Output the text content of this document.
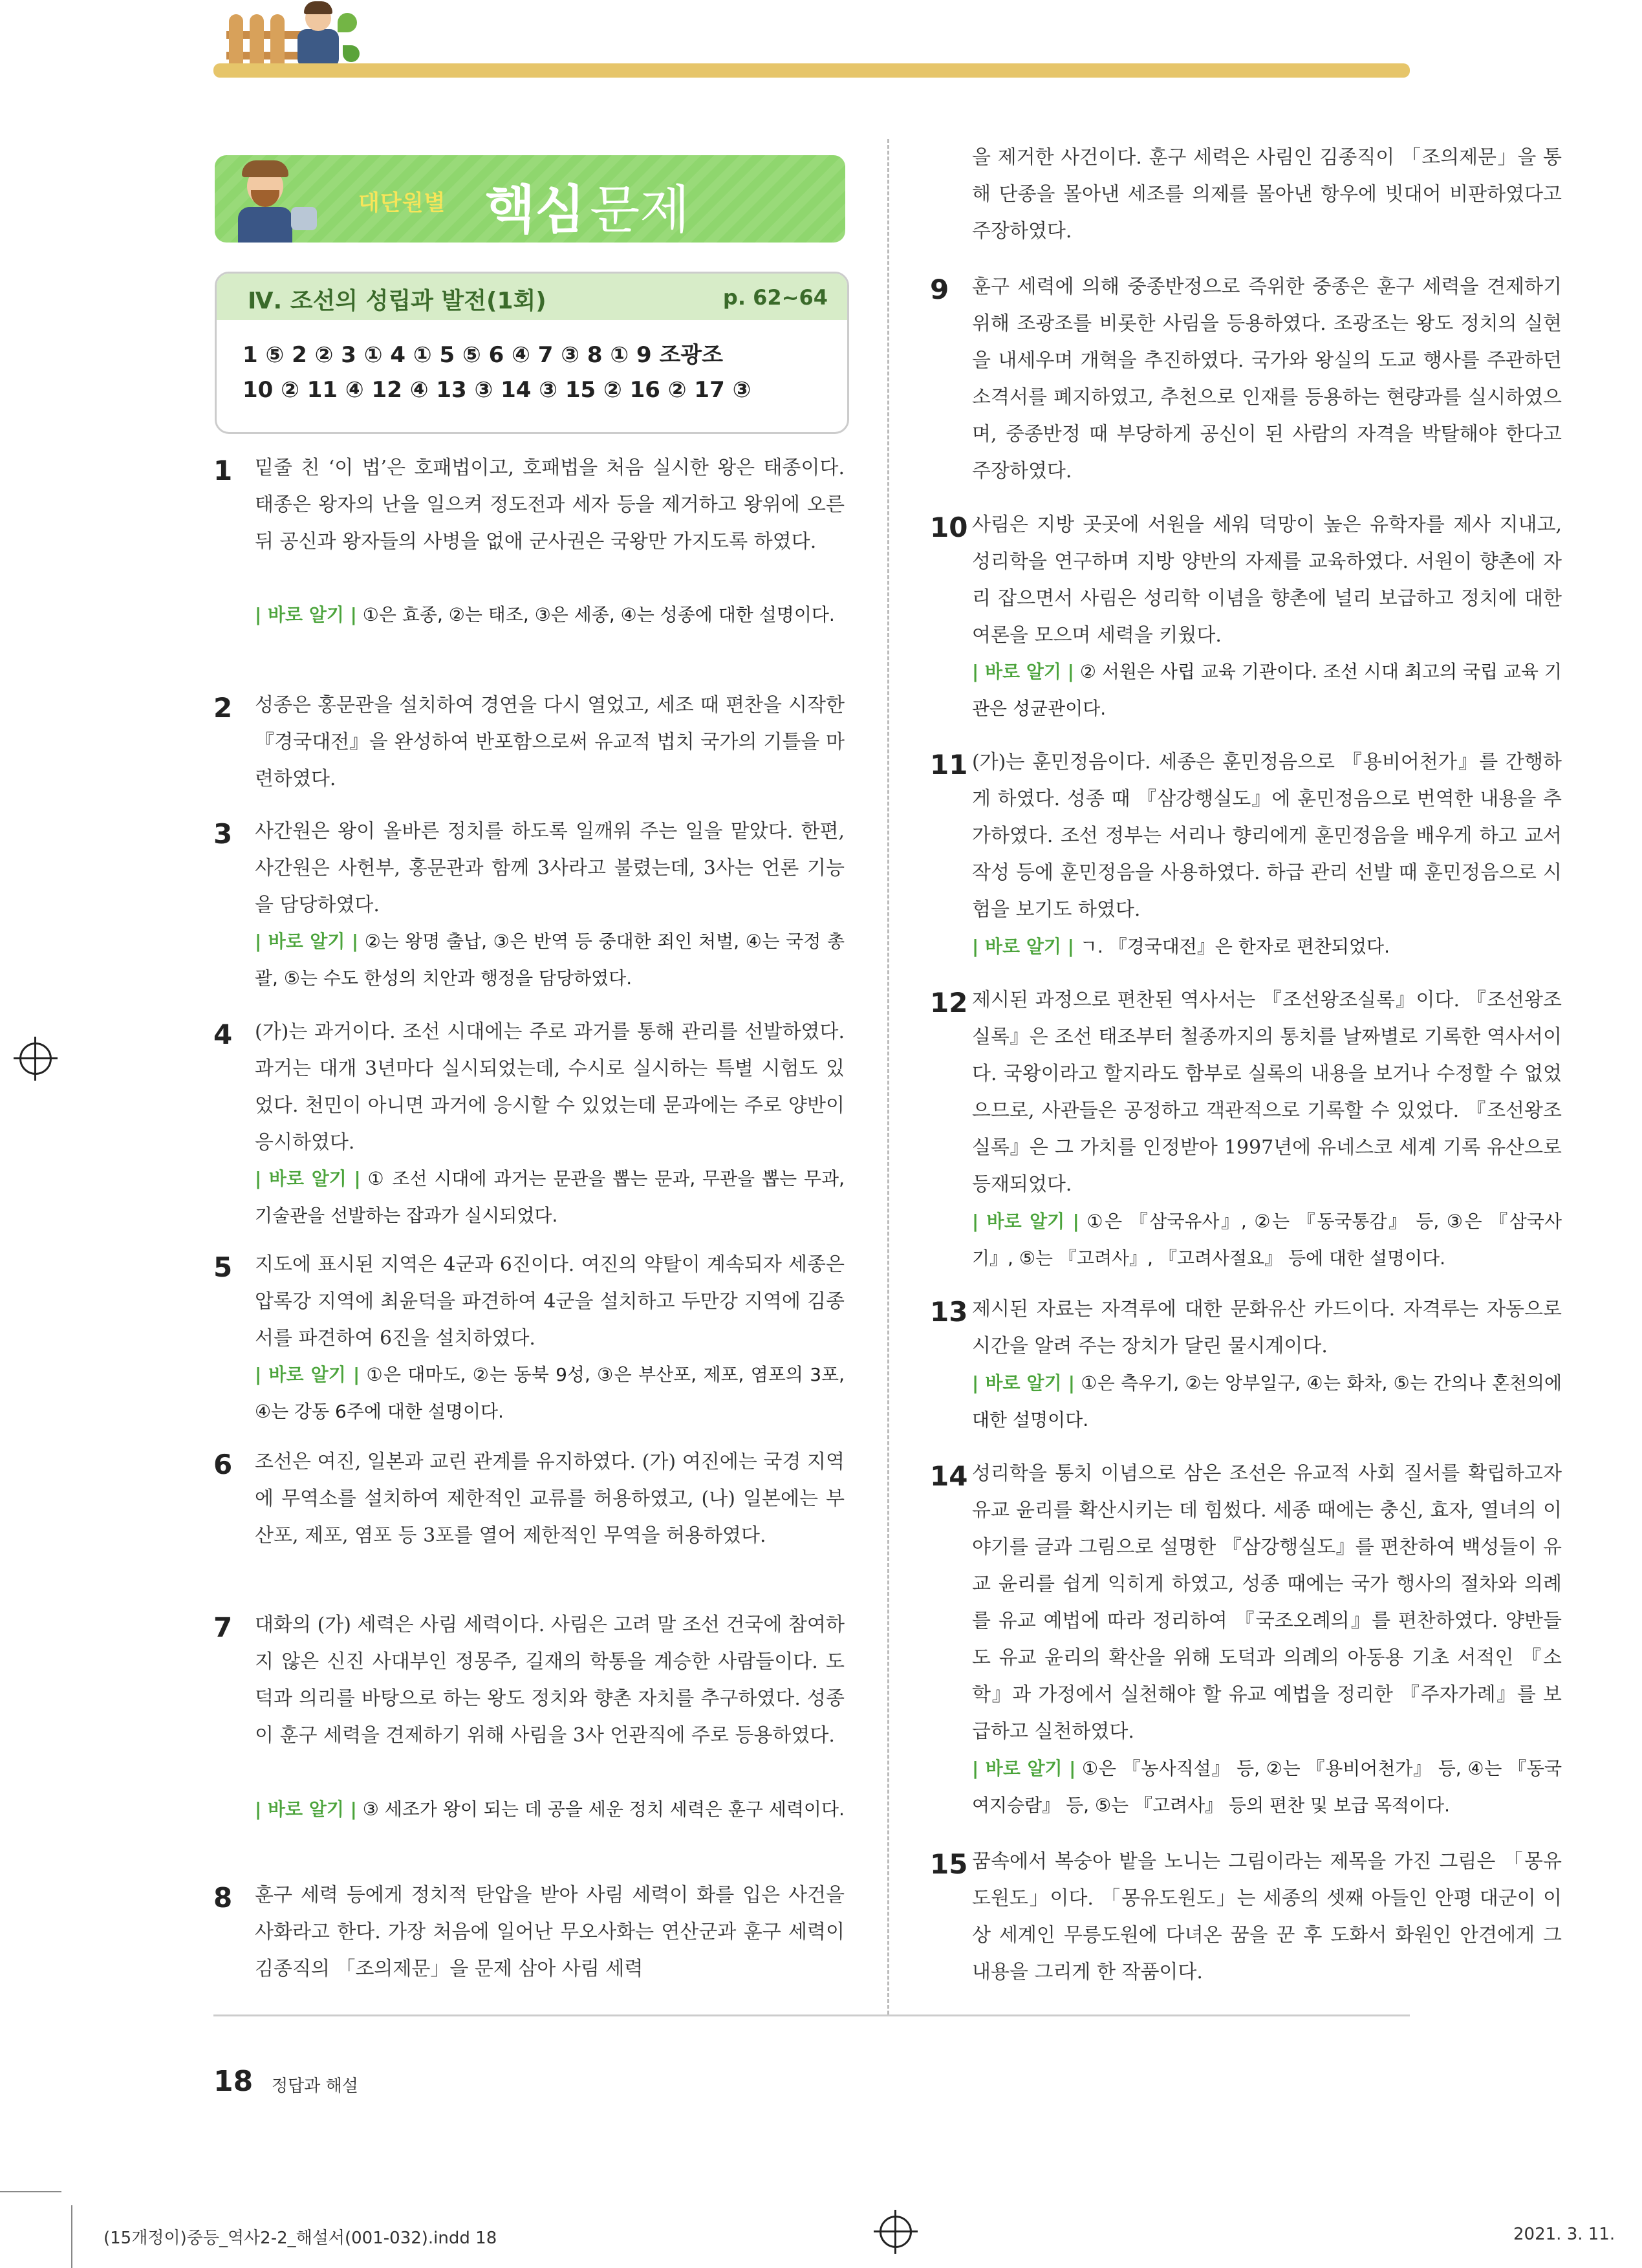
대단원별 핵심 문제
Ⅳ. 조선의 성립과 발전(1회)	p. 62~64
1 ⑤ 2 ② 3 ① 4 ① 5 ⑤ 6 ④ 7 ③ 8 ① 9 조광조
10 ② 11 ④ 12 ④ 13 ③ 14 ③ 15 ② 16 ② 17 ③
1 밑줄 친 ‘이 법’은 호패법이고, 호패법을 처음 실시한 왕은 태종이다. 태종은 왕자의 난을 일으켜 정도전과 세자 등을 제거하고 왕위에 오른 뒤 공신과 왕자들의 사병을 없애 군사권은 국왕만 가지도록 하였다.
| 바로 알기 | ①은 효종, ②는 태조, ③은 세종, ④는 성종에 대한 설명이다.
2 성종은 홍문관을 설치하여 경연을 다시 열었고, 세조 때 편찬을 시작한 『경국대전』을 완성하여 반포함으로써 유교적 법치 국가의 기틀을 마련하였다.
3 사간원은 왕이 올바른 정치를 하도록 일깨워 주는 일을 맡았다. 한편, 사간원은 사헌부, 홍문관과 함께 3사라고 불렸는데, 3사는 언론 기능을 담당하였다.
| 바로 알기 | ②는 왕명 출납, ③은 반역 등 중대한 죄인 처벌, ④는 국정 총괄, ⑤는 수도 한성의 치안과 행정을 담당하였다.
4 (가)는 과거이다. 조선 시대에는 주로 과거를 통해 관리를 선발하였다. 과거는 대개 3년마다 실시되었는데, 수시로 실시하는 특별 시험도 있었다. 천민이 아니면 과거에 응시할 수 있었는데 문과에는 주로 양반이 응시하였다.
| 바로 알기 | ① 조선 시대에 과거는 문관을 뽑는 문과, 무관을 뽑는 무과, 기술관을 선발하는 잡과가 실시되었다.
5 지도에 표시된 지역은 4군과 6진이다. 여진의 약탈이 계속되자 세종은 압록강 지역에 최윤덕을 파견하여 4군을 설치하고 두만강 지역에 김종서를 파견하여 6진을 설치하였다.
| 바로 알기 | ①은 대마도, ②는 동북 9성, ③은 부산포, 제포, 염포의 3포, ④는 강동 6주에 대한 설명이다.
6 조선은 여진, 일본과 교린 관계를 유지하였다. (가) 여진에는 국경 지역에 무역소를 설치하여 제한적인 교류를 허용하였고, (나) 일본에는 부산포, 제포, 염포 등 3포를 열어 제한적인 무역을 허용하였다.
7 대화의 (가) 세력은 사림 세력이다. 사림은 고려 말 조선 건국에 참여하지 않은 신진 사대부인 정몽주, 길재의 학통을 계승한 사람들이다. 도덕과 의리를 바탕으로 하는 왕도 정치와 향촌 자치를 추구하였다. 성종이 훈구 세력을 견제하기 위해 사림을 3사 언관직에 주로 등용하였다.
| 바로 알기 | ③ 세조가 왕이 되는 데 공을 세운 정치 세력은 훈구 세력이다.
8 훈구 세력 등에게 정치적 탄압을 받아 사림 세력이 화를 입은 사건을 사화라고 한다. 가장 처음에 일어난 무오사화는 연산군과 훈구 세력이 김종직의 「조의제문」을 문제 삼아 사림 세력
을 제거한 사건이다. 훈구 세력은 사림인 김종직이 「조의제문」을 통해 단종을 몰아낸 세조를 의제를 몰아낸 항우에 빗대어 비판하였다고 주장하였다.
9 훈구 세력에 의해 중종반정으로 즉위한 중종은 훈구 세력을 견제하기 위해 조광조를 비롯한 사림을 등용하였다. 조광조는 왕도 정치의 실현을 내세우며 개혁을 추진하였다. 국가와 왕실의 도교 행사를 주관하던 소격서를 폐지하였고, 추천으로 인재를 등용하는 현량과를 실시하였으며, 중종반정 때 부당하게 공신이 된 사람의 자격을 박탈해야 한다고 주장하였다.
10 사림은 지방 곳곳에 서원을 세워 덕망이 높은 유학자를 제사 지내고, 성리학을 연구하며 지방 양반의 자제를 교육하였다. 서원이 향촌에 자리 잡으면서 사림은 성리학 이념을 향촌에 널리 보급하고 정치에 대한 여론을 모으며 세력을 키웠다.
| 바로 알기 | ② 서원은 사립 교육 기관이다. 조선 시대 최고의 국립 교육 기관은 성균관이다.
11 (가)는 훈민정음이다. 세종은 훈민정음으로 『용비어천가』를 간행하게 하였다. 성종 때 『삼강행실도』에 훈민정음으로 번역한 내용을 추가하였다. 조선 정부는 서리나 향리에게 훈민정음을 배우게 하고 교서 작성 등에 훈민정음을 사용하였다. 하급 관리 선발 때 훈민정음으로 시험을 보기도 하였다.
| 바로 알기 | ㄱ. 『경국대전』은 한자로 편찬되었다.
12 제시된 과정으로 편찬된 역사서는 『조선왕조실록』이다. 『조선왕조실록』은 조선 태조부터 철종까지의 통치를 날짜별로 기록한 역사서이다. 국왕이라고 할지라도 함부로 실록의 내용을 보거나 수정할 수 없었으므로, 사관들은 공정하고 객관적으로 기록할 수 있었다. 『조선왕조실록』은 그 가치를 인정받아 1997년에 유네스코 세계 기록 유산으로 등재되었다.
| 바로 알기 | ①은 『삼국유사』, ②는 『동국통감』 등, ③은 『삼국사기』, ⑤는 『고려사』, 『고려사절요』 등에 대한 설명이다.
13 제시된 자료는 자격루에 대한 문화유산 카드이다. 자격루는 자동으로 시간을 알려 주는 장치가 달린 물시계이다.
| 바로 알기 | ①은 측우기, ②는 앙부일구, ④는 화차, ⑤는 간의나 혼천의에 대한 설명이다.
14 성리학을 통치 이념으로 삼은 조선은 유교적 사회 질서를 확립하고자 유교 윤리를 확산시키는 데 힘썼다. 세종 때에는 충신, 효자, 열녀의 이야기를 글과 그림으로 설명한 『삼강행실도』를 편찬하여 백성들이 유교 윤리를 쉽게 익히게 하였고, 성종 때에는 국가 행사의 절차와 의례를 유교 예법에 따라 정리하여 『국조오례의』를 편찬하였다. 양반들도 유교 윤리의 확산을 위해 도덕과 의례의 아동용 기초 서적인 『소학』과 가정에서 실천해야 할 유교 예법을 정리한 『주자가례』를 보급하고 실천하였다.
| 바로 알기 | ①은 『농사직설』 등, ②는 『용비어천가』 등, ④는 『동국여지승람』 등, ⑤는 『고려사』 등의 편찬 및 보급 목적이다.
15 꿈속에서 복숭아 밭을 노니는 그림이라는 제목을 가진 그림은 「몽유도원도」이다. 「몽유도원도」는 세종의 셋째 아들인 안평 대군이 이상 세계인 무릉도원에 다녀온 꿈을 꾼 후 도화서 화원인 안견에게 그 내용을 그리게 한 작품이다.
18 정답과 해설
(15개정이)중등_역사2-2_해설서(001-032).indd 18	2021. 3. 11.
